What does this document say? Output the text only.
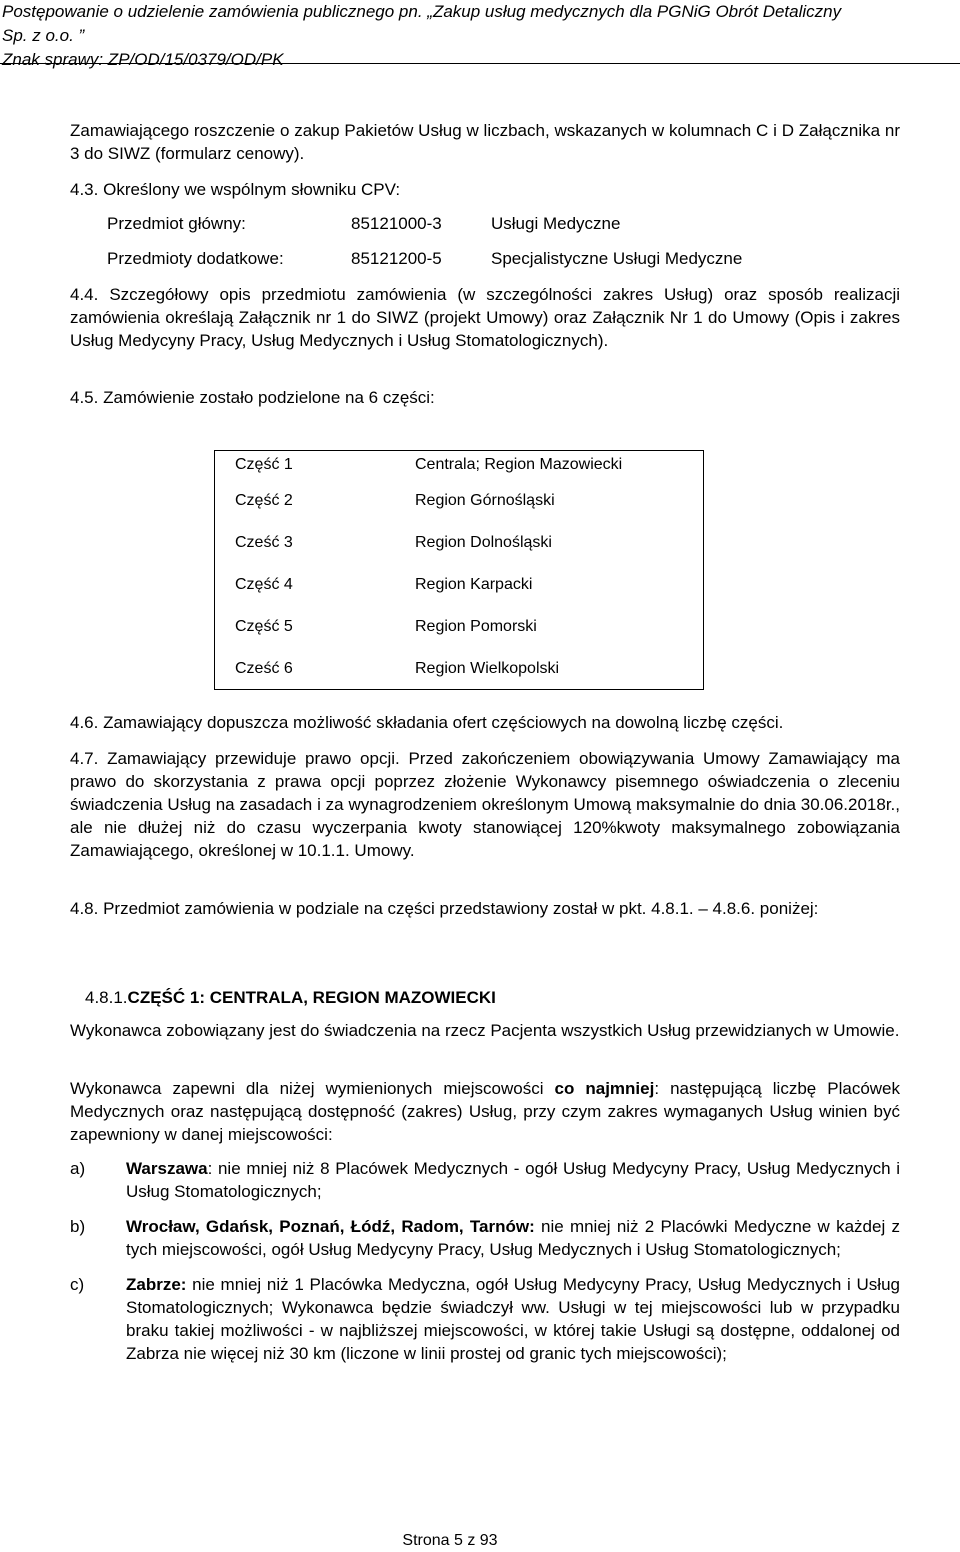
Postępowanie o udzielenie zamówienia publicznego pn. „Zakup usług medycznych dla PGNiG Obrót Detaliczny
Sp. z o.o. ”
Znak sprawy: ZP/OD/15/0379/OD/PK
Zamawiającego roszczenie o zakup Pakietów Usług w liczbach, wskazanych w kolumnach C i D Załącznika nr 3 do SIWZ (formularz cenowy).
4.3. Określony we wspólnym słowniku CPV:
Przedmiot główny:	85121000-3	Usługi Medyczne
Przedmioty dodatkowe:	85121200-5	Specjalistyczne Usługi Medyczne
4.4. Szczegółowy opis przedmiotu zamówienia (w szczególności zakres Usług) oraz sposób realizacji zamówienia określają Załącznik nr 1 do SIWZ (projekt Umowy) oraz Załącznik Nr 1 do Umowy (Opis i zakres Usług Medycyny Pracy, Usług Medycznych i Usług Stomatologicznych).
4.5. Zamówienie zostało podzielone na 6 części:
Część 1	Centrala; Region Mazowiecki
Część 2	Region Górnośląski
Cześć 3	Region Dolnośląski
Część 4	Region Karpacki
Część 5	Region Pomorski
Cześć 6	Region Wielkopolski
4.6. Zamawiający dopuszcza możliwość składania ofert częściowych na dowolną liczbę części.
4.7. Zamawiający przewiduje prawo opcji. Przed zakończeniem obowiązywania Umowy Zamawiający ma prawo do skorzystania z prawa opcji poprzez złożenie Wykonawcy pisemnego oświadczenia o zleceniu świadczenia Usług na zasadach i za wynagrodzeniem określonym Umową maksymalnie do dnia 30.06.2018r., ale nie dłużej niż do czasu wyczerpania kwoty stanowiącej 120%kwoty maksymalnego zobowiązania Zamawiającego, określonej w 10.1.1. Umowy.
4.8. Przedmiot zamówienia w podziale na części przedstawiony został w pkt. 4.8.1. – 4.8.6. poniżej:
4.8.1.CZĘŚĆ 1: CENTRALA, REGION MAZOWIECKI
Wykonawca zobowiązany jest do świadczenia na rzecz Pacjenta wszystkich Usług przewidzianych w Umowie.
Wykonawca zapewni dla niżej wymienionych miejscowości co najmniej: następującą liczbę Placówek Medycznych oraz następującą dostępność (zakres) Usług, przy czym zakres wymaganych Usług winien być zapewniony w danej miejscowości:
a)	Warszawa: nie mniej niż 8 Placówek Medycznych - ogół Usług Medycyny Pracy, Usług Medycznych i Usług Stomatologicznych;
b)	Wrocław, Gdańsk, Poznań, Łódź, Radom, Tarnów: nie mniej niż 2 Placówki Medyczne w każdej z tych miejscowości, ogół Usług Medycyny Pracy, Usług Medycznych i Usług Stomatologicznych;
c)	Zabrze: nie mniej niż 1 Placówka Medyczna, ogół Usług Medycyny Pracy, Usług Medycznych i Usług Stomatologicznych; Wykonawca będzie świadczył ww. Usługi w tej miejscowości lub w przypadku braku takiej możliwości - w najbliższej miejscowości, w której takie Usługi są dostępne, oddalonej od Zabrza nie więcej niż 30 km (liczone w linii prostej od granic tych miejscowości);
Strona 5 z 93
